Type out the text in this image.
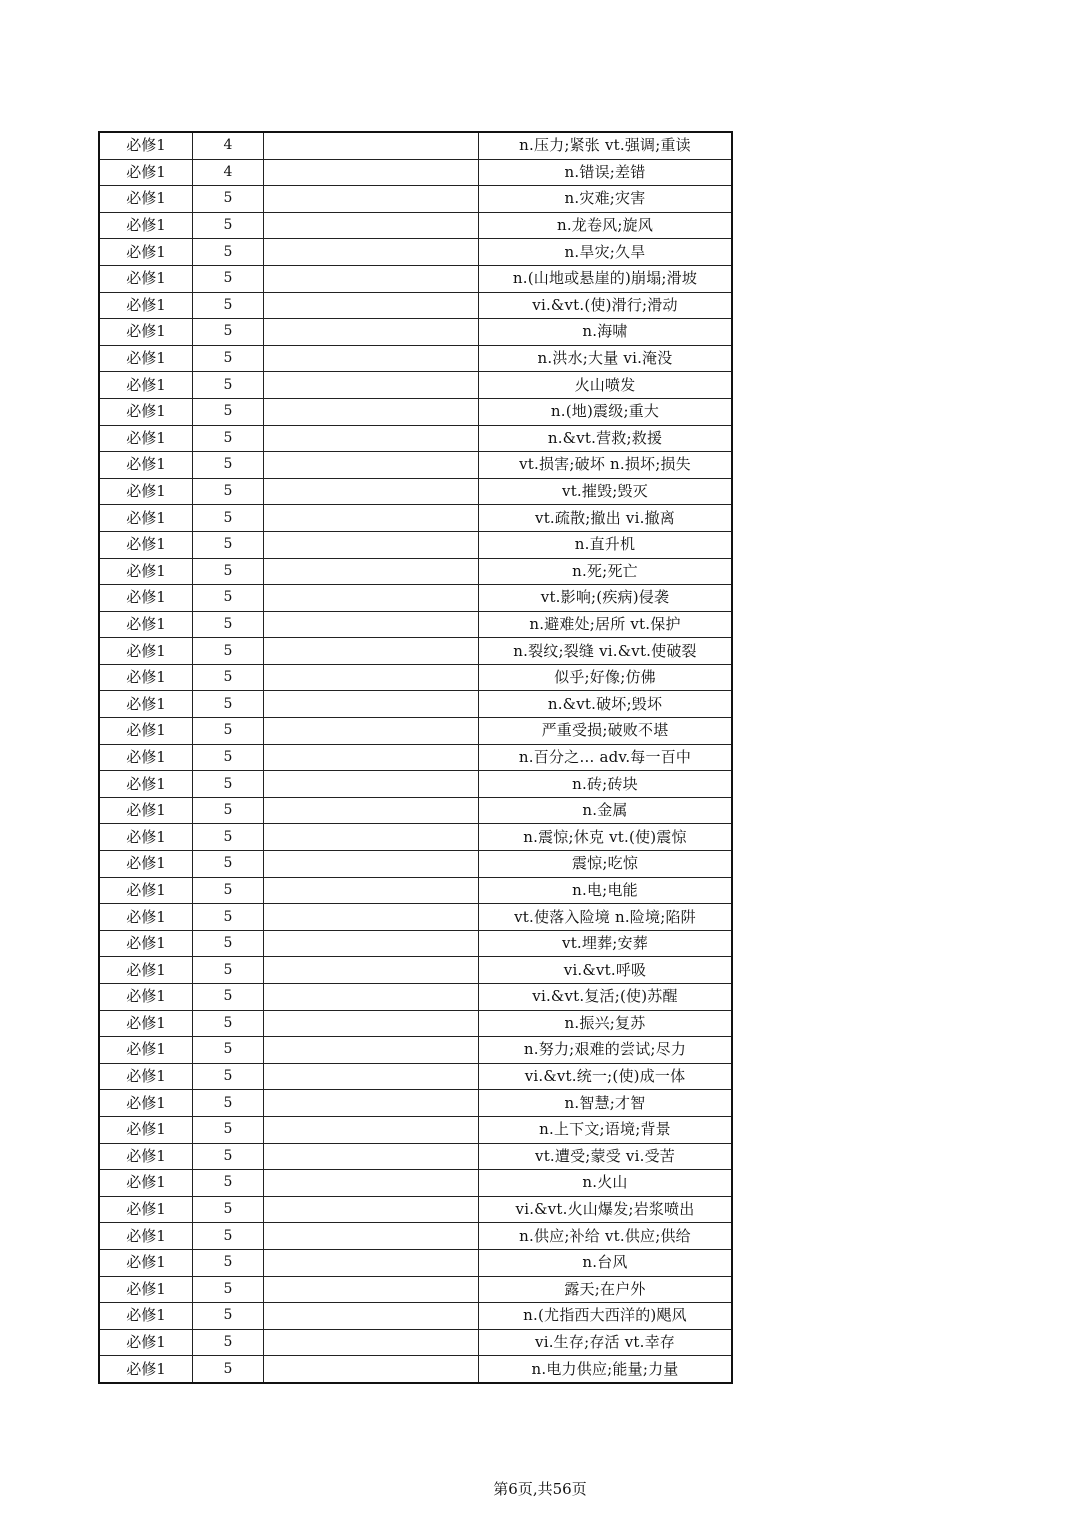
必修1	4		n.压力;紧张 vt.强调;重读
必修1	4		n.错误;差错
必修1	5		n.灾难;灾害
必修1	5		n.龙卷风;旋风
必修1	5		n.旱灾;久旱
必修1	5		n.(山地或悬崖的)崩塌;滑坡
必修1	5		vi.&vt.(使)滑行;滑动
必修1	5		n.海啸
必修1	5		n.洪水;大量 vi.淹没
必修1	5		火山喷发
必修1	5		n.(地)震级;重大
必修1	5		n.&vt.营救;救援
必修1	5		vt.损害;破坏 n.损坏;损失
必修1	5		vt.摧毁;毁灭
必修1	5		vt.疏散;撤出 vi.撤离
必修1	5		n.直升机
必修1	5		n.死;死亡
必修1	5		vt.影响;(疾病)侵袭
必修1	5		n.避难处;居所 vt.保护
必修1	5		n.裂纹;裂缝 vi.&vt.使破裂
必修1	5		似乎;好像;仿佛
必修1	5		n.&vt.破坏;毁坏
必修1	5		严重受损;破败不堪
必修1	5		n.百分之… adv.每一百中
必修1	5		n.砖;砖块
必修1	5		n.金属
必修1	5		n.震惊;休克 vt.(使)震惊
必修1	5		震惊;吃惊
必修1	5		n.电;电能
必修1	5		vt.使落入险境 n.险境;陷阱
必修1	5		vt.埋葬;安葬
必修1	5		vi.&vt.呼吸
必修1	5		vi.&vt.复活;(使)苏醒
必修1	5		n.振兴;复苏
必修1	5		n.努力;艰难的尝试;尽力
必修1	5		vi.&vt.统一;(使)成一体
必修1	5		n.智慧;才智
必修1	5		n.上下文;语境;背景
必修1	5		vt.遭受;蒙受 vi.受苦
必修1	5		n.火山
必修1	5		vi.&vt.火山爆发;岩浆喷出
必修1	5		n.供应;补给 vt.供应;供给
必修1	5		n.台风
必修1	5		露天;在户外
必修1	5		n.(尤指西大西洋的)飓风
必修1	5		vi.生存;存活 vt.幸存
必修1	5		n.电力供应;能量;力量
第6页,共56页
